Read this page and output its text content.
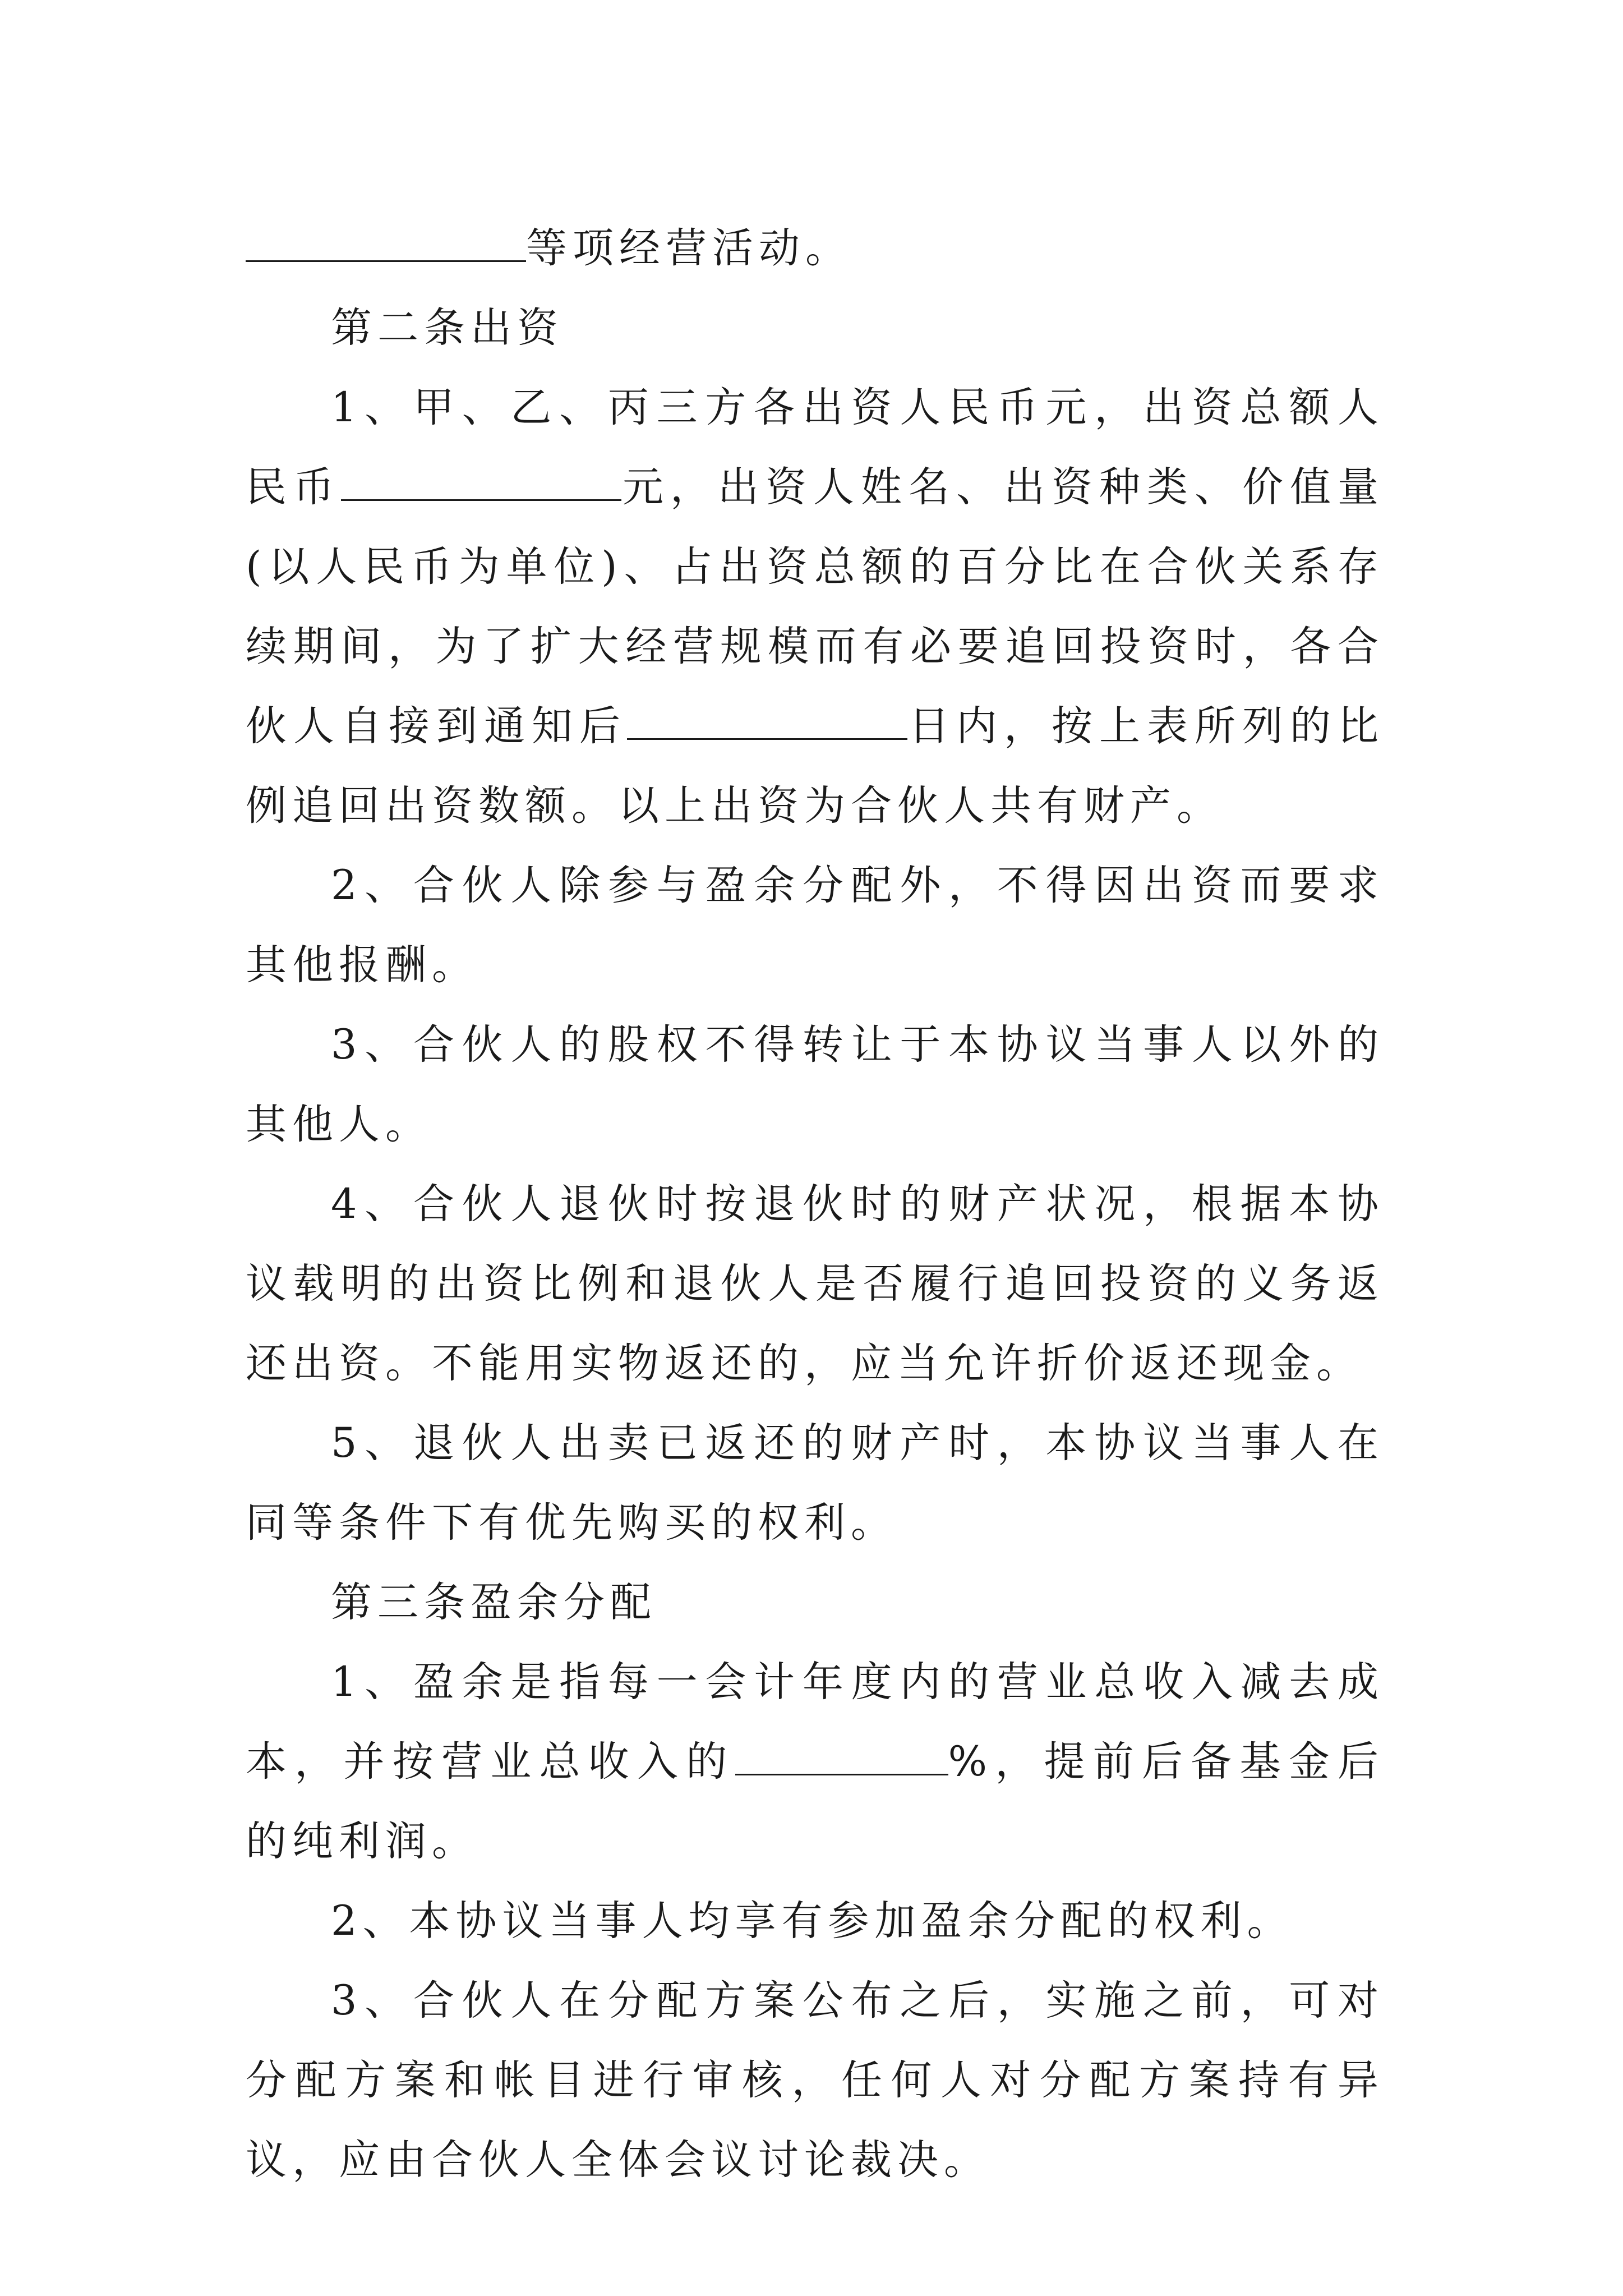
等项经营活动。

第二条出资

1、甲、乙、丙三方各出资人民币元，出资总额人民币	元，出资人姓名、出资种类、价值量(以人民币为单位)、占出资总额的百分比在合伙关系存续期间，为了扩大经营规模而有必要追回投资时，各合伙人自接到通知后	日内，按上表所列的比例追回出资数额。以上出资为合伙人共有财产。

2、合伙人除参与盈余分配外，不得因出资而要求其他报酬。

3、合伙人的股权不得转让于本协议当事人以外的其他人。

4、合伙人退伙时按退伙时的财产状况，根据本协议载明的出资比例和退伙人是否履行追回投资的义务返还出资。不能用实物返还的，应当允许折价返还现金。

5、退伙人出卖已返还的财产时，本协议当事人在同等条件下有优先购买的权利。

第三条盈余分配

1、盈余是指每一会计年度内的营业总收入减去成本，并按营业总收入的	%，提前后备基金后的纯利润。

2、本协议当事人均享有参加盈余分配的权利。

3、合伙人在分配方案公布之后，实施之前，可对分配方案和帐目进行审核，任何人对分配方案持有异议，应由合伙人全体会议讨论裁决。
